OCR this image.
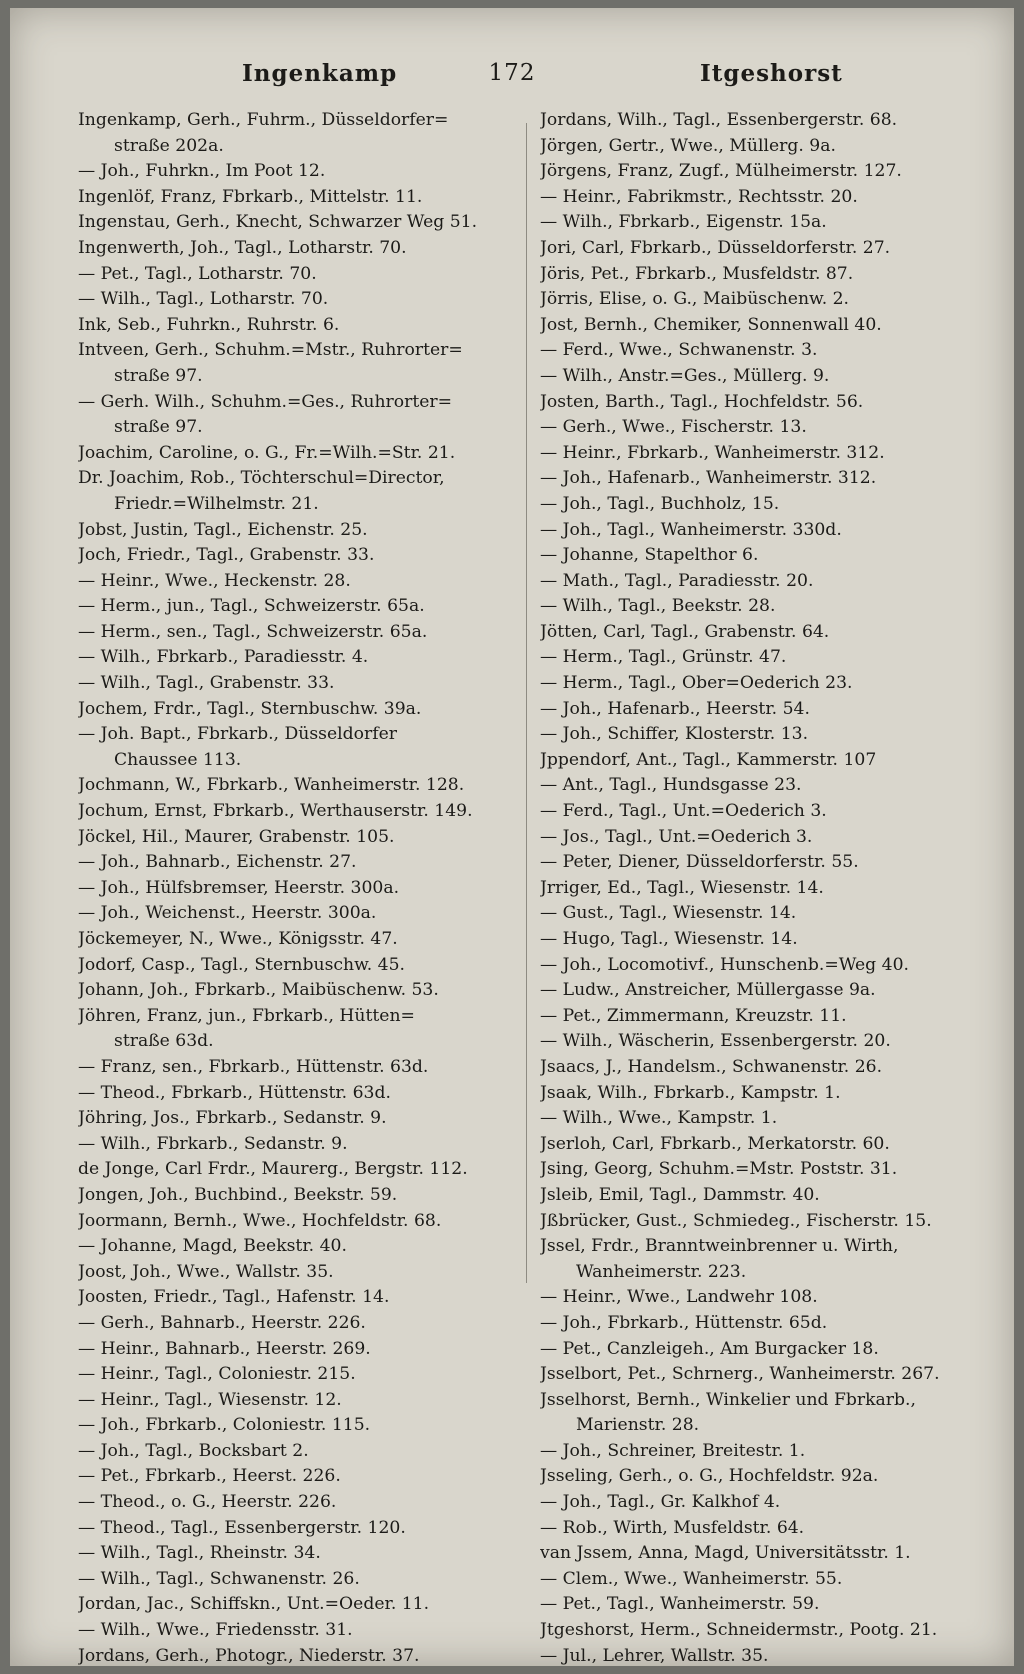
Ingenkamp	172	Itgeshorst
Ingenkamp, Gerh., Fuhrm., Düsseldorfer=
straße 202a.
— Joh., Fuhrkn., Im Poot 12.
Ingenlöf, Franz, Fbrkarb., Mittelstr. 11.
Ingenstau, Gerh., Knecht, Schwarzer Weg 51.
Ingenwerth, Joh., Tagl., Lotharstr. 70.
— Pet., Tagl., Lotharstr. 70.
— Wilh., Tagl., Lotharstr. 70.
Ink, Seb., Fuhrkn., Ruhrstr. 6.
Intveen, Gerh., Schuhm.=Mstr., Ruhrorter=
straße 97.
— Gerh. Wilh., Schuhm.=Ges., Ruhrorter=
straße 97.
Joachim, Caroline, o. G., Fr.=Wilh.=Str. 21.
Dr. Joachim, Rob., Töchterschul=Director,
Friedr.=Wilhelmstr. 21.
Jobst, Justin, Tagl., Eichenstr. 25.
Joch, Friedr., Tagl., Grabenstr. 33.
— Heinr., Wwe., Heckenstr. 28.
— Herm., jun., Tagl., Schweizerstr. 65a.
— Herm., sen., Tagl., Schweizerstr. 65a.
— Wilh., Fbrkarb., Paradiesstr. 4.
— Wilh., Tagl., Grabenstr. 33.
Jochem, Frdr., Tagl., Sternbuschw. 39a.
— Joh. Bapt., Fbrkarb., Düsseldorfer
Chaussee 113.
Jochmann, W., Fbrkarb., Wanheimerstr. 128.
Jochum, Ernst, Fbrkarb., Werthauserstr. 149.
Jöckel, Hil., Maurer, Grabenstr. 105.
— Joh., Bahnarb., Eichenstr. 27.
— Joh., Hülfsbremser, Heerstr. 300a.
— Joh., Weichenst., Heerstr. 300a.
Jöckemeyer, N., Wwe., Königsstr. 47.
Jodorf, Casp., Tagl., Sternbuschw. 45.
Johann, Joh., Fbrkarb., Maibüschenw. 53.
Jöhren, Franz, jun., Fbrkarb., Hütten=
straße 63d.
— Franz, sen., Fbrkarb., Hüttenstr. 63d.
— Theod., Fbrkarb., Hüttenstr. 63d.
Jöhring, Jos., Fbrkarb., Sedanstr. 9.
— Wilh., Fbrkarb., Sedanstr. 9.
de Jonge, Carl Frdr., Maurerg., Bergstr. 112.
Jongen, Joh., Buchbind., Beekstr. 59.
Joormann, Bernh., Wwe., Hochfeldstr. 68.
— Johanne, Magd, Beekstr. 40.
Joost, Joh., Wwe., Wallstr. 35.
Joosten, Friedr., Tagl., Hafenstr. 14.
— Gerh., Bahnarb., Heerstr. 226.
— Heinr., Bahnarb., Heerstr. 269.
— Heinr., Tagl., Coloniestr. 215.
— Heinr., Tagl., Wiesenstr. 12.
— Joh., Fbrkarb., Coloniestr. 115.
— Joh., Tagl., Bocksbart 2.
— Pet., Fbrkarb., Heerst. 226.
— Theod., o. G., Heerstr. 226.
— Theod., Tagl., Essenbergerstr. 120.
— Wilh., Tagl., Rheinstr. 34.
— Wilh., Tagl., Schwanenstr. 26.
Jordan, Jac., Schiffskn., Unt.=Oeder. 11.
— Wilh., Wwe., Friedensstr. 31.
Jordans, Gerh., Photogr., Niederstr. 37.
Jordans, Wilh., Tagl., Essenbergerstr. 68.
Jörgen, Gertr., Wwe., Müllerg. 9a.
Jörgens, Franz, Zugf., Mülheimerstr. 127.
— Heinr., Fabrikmstr., Rechtsstr. 20.
— Wilh., Fbrkarb., Eigenstr. 15a.
Jori, Carl, Fbrkarb., Düsseldorferstr. 27.
Jöris, Pet., Fbrkarb., Musfeldstr. 87.
Jörris, Elise, o. G., Maibüschenw. 2.
Jost, Bernh., Chemiker, Sonnenwall 40.
— Ferd., Wwe., Schwanenstr. 3.
— Wilh., Anstr.=Ges., Müllerg. 9.
Josten, Barth., Tagl., Hochfeldstr. 56.
— Gerh., Wwe., Fischerstr. 13.
— Heinr., Fbrkarb., Wanheimerstr. 312.
— Joh., Hafenarb., Wanheimerstr. 312.
— Joh., Tagl., Buchholz, 15.
— Joh., Tagl., Wanheimerstr. 330d.
— Johanne, Stapelthor 6.
— Math., Tagl., Paradiesstr. 20.
— Wilh., Tagl., Beekstr. 28.
Jötten, Carl, Tagl., Grabenstr. 64.
— Herm., Tagl., Grünstr. 47.
— Herm., Tagl., Ober=Oederich 23.
— Joh., Hafenarb., Heerstr. 54.
— Joh., Schiffer, Klosterstr. 13.
Jppendorf, Ant., Tagl., Kammerstr. 107
— Ant., Tagl., Hundsgasse 23.
— Ferd., Tagl., Unt.=Oederich 3.
— Jos., Tagl., Unt.=Oederich 3.
— Peter, Diener, Düsseldorferstr. 55.
Jrriger, Ed., Tagl., Wiesenstr. 14.
— Gust., Tagl., Wiesenstr. 14.
— Hugo, Tagl., Wiesenstr. 14.
— Joh., Locomotivf., Hunschenb.=Weg 40.
— Ludw., Anstreicher, Müllergasse 9a.
— Pet., Zimmermann, Kreuzstr. 11.
— Wilh., Wäscherin, Essenbergerstr. 20.
Jsaacs, J., Handelsm., Schwanenstr. 26.
Jsaak, Wilh., Fbrkarb., Kampstr. 1.
— Wilh., Wwe., Kampstr. 1.
Jserloh, Carl, Fbrkarb., Merkatorstr. 60.
Jsing, Georg, Schuhm.=Mstr. Poststr. 31.
Jsleib, Emil, Tagl., Dammstr. 40.
Jßbrücker, Gust., Schmiedeg., Fischerstr. 15.
Jssel, Frdr., Branntweinbrenner u. Wirth,
Wanheimerstr. 223.
— Heinr., Wwe., Landwehr 108.
— Joh., Fbrkarb., Hüttenstr. 65d.
— Pet., Canzleigeh., Am Burgacker 18.
Jsselbort, Pet., Schrnerg., Wanheimerstr. 267.
Jsselhorst, Bernh., Winkelier und Fbrkarb.,
Marienstr. 28.
— Joh., Schreiner, Breitestr. 1.
Jsseling, Gerh., o. G., Hochfeldstr. 92a.
— Joh., Tagl., Gr. Kalkhof 4.
— Rob., Wirth, Musfeldstr. 64.
van Jssem, Anna, Magd, Universitätsstr. 1.
— Clem., Wwe., Wanheimerstr. 55.
— Pet., Tagl., Wanheimerstr. 59.
Jtgeshorst, Herm., Schneidermstr., Pootg. 21.
— Jul., Lehrer, Wallstr. 35.
